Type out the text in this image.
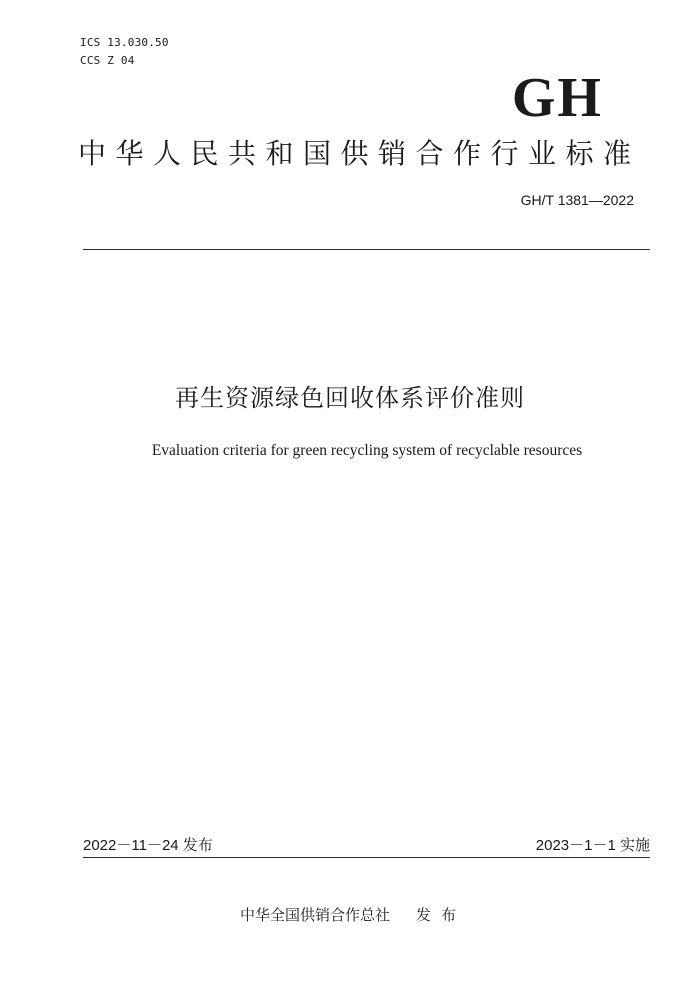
ICS 13.030.50
CCS Z 04
GH
中华人民共和国供销合作行业标准
GH/T 1381—2022
再生资源绿色回收体系评价准则
Evaluation criteria for green recycling system of recyclable resources
2022－11－24 发布	2023－1－1 实施
中华全国供销合作总社 发布
